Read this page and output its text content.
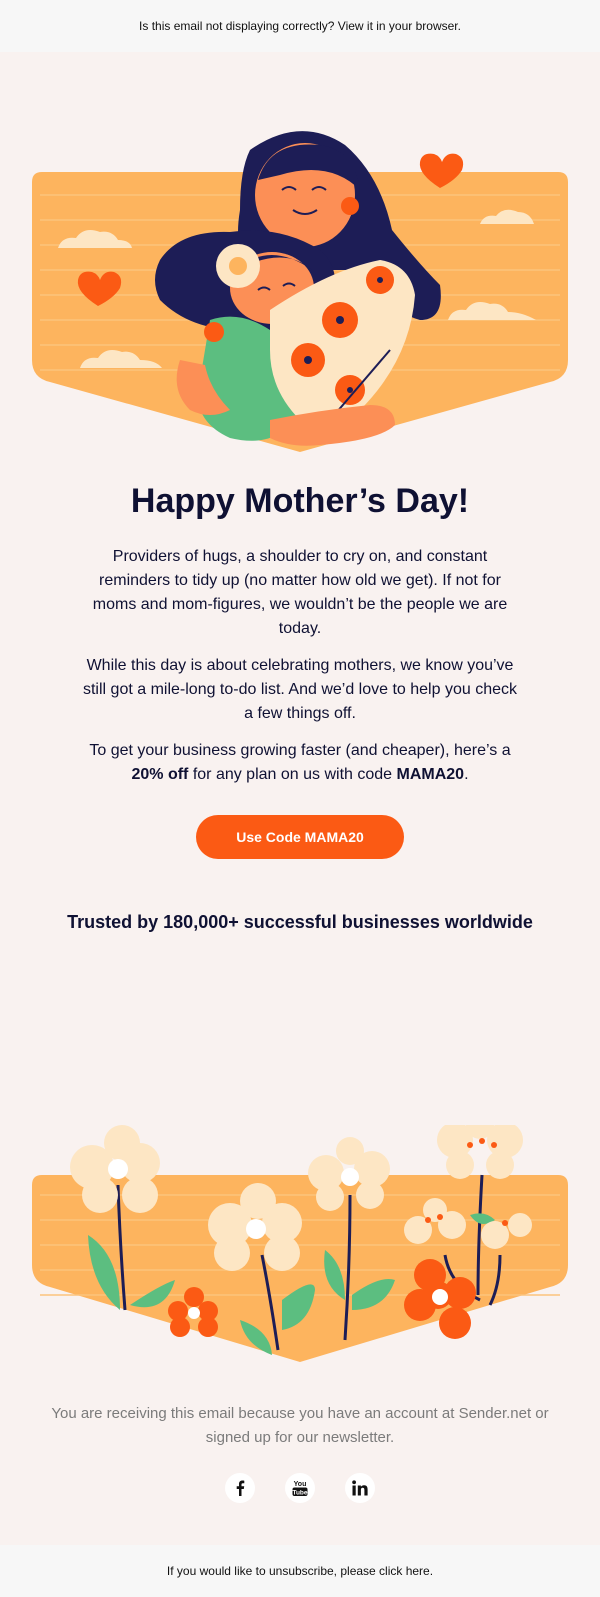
Is this email not displaying correctly? View it in your browser.
Happy Mother’s Day!

Providers of hugs, a shoulder to cry on, and constant reminders to tidy up (no matter how old we get). If not for moms and mom-figures, we wouldn’t be the people we are today.

While this day is about celebrating mothers, we know you’ve still got a mile-long to-do list. And we’d love to help you check a few things off.

To get your business growing faster (and cheaper), here’s a 20% off for any plan on us with code MAMA20.

Use Code MAMA20
Trusted by 180,000+ successful businesses worldwide

You are receiving this email because you have an account at Sender.net or signed up for our newsletter.

You
Tube
If you would like to unsubscribe, please click here.
